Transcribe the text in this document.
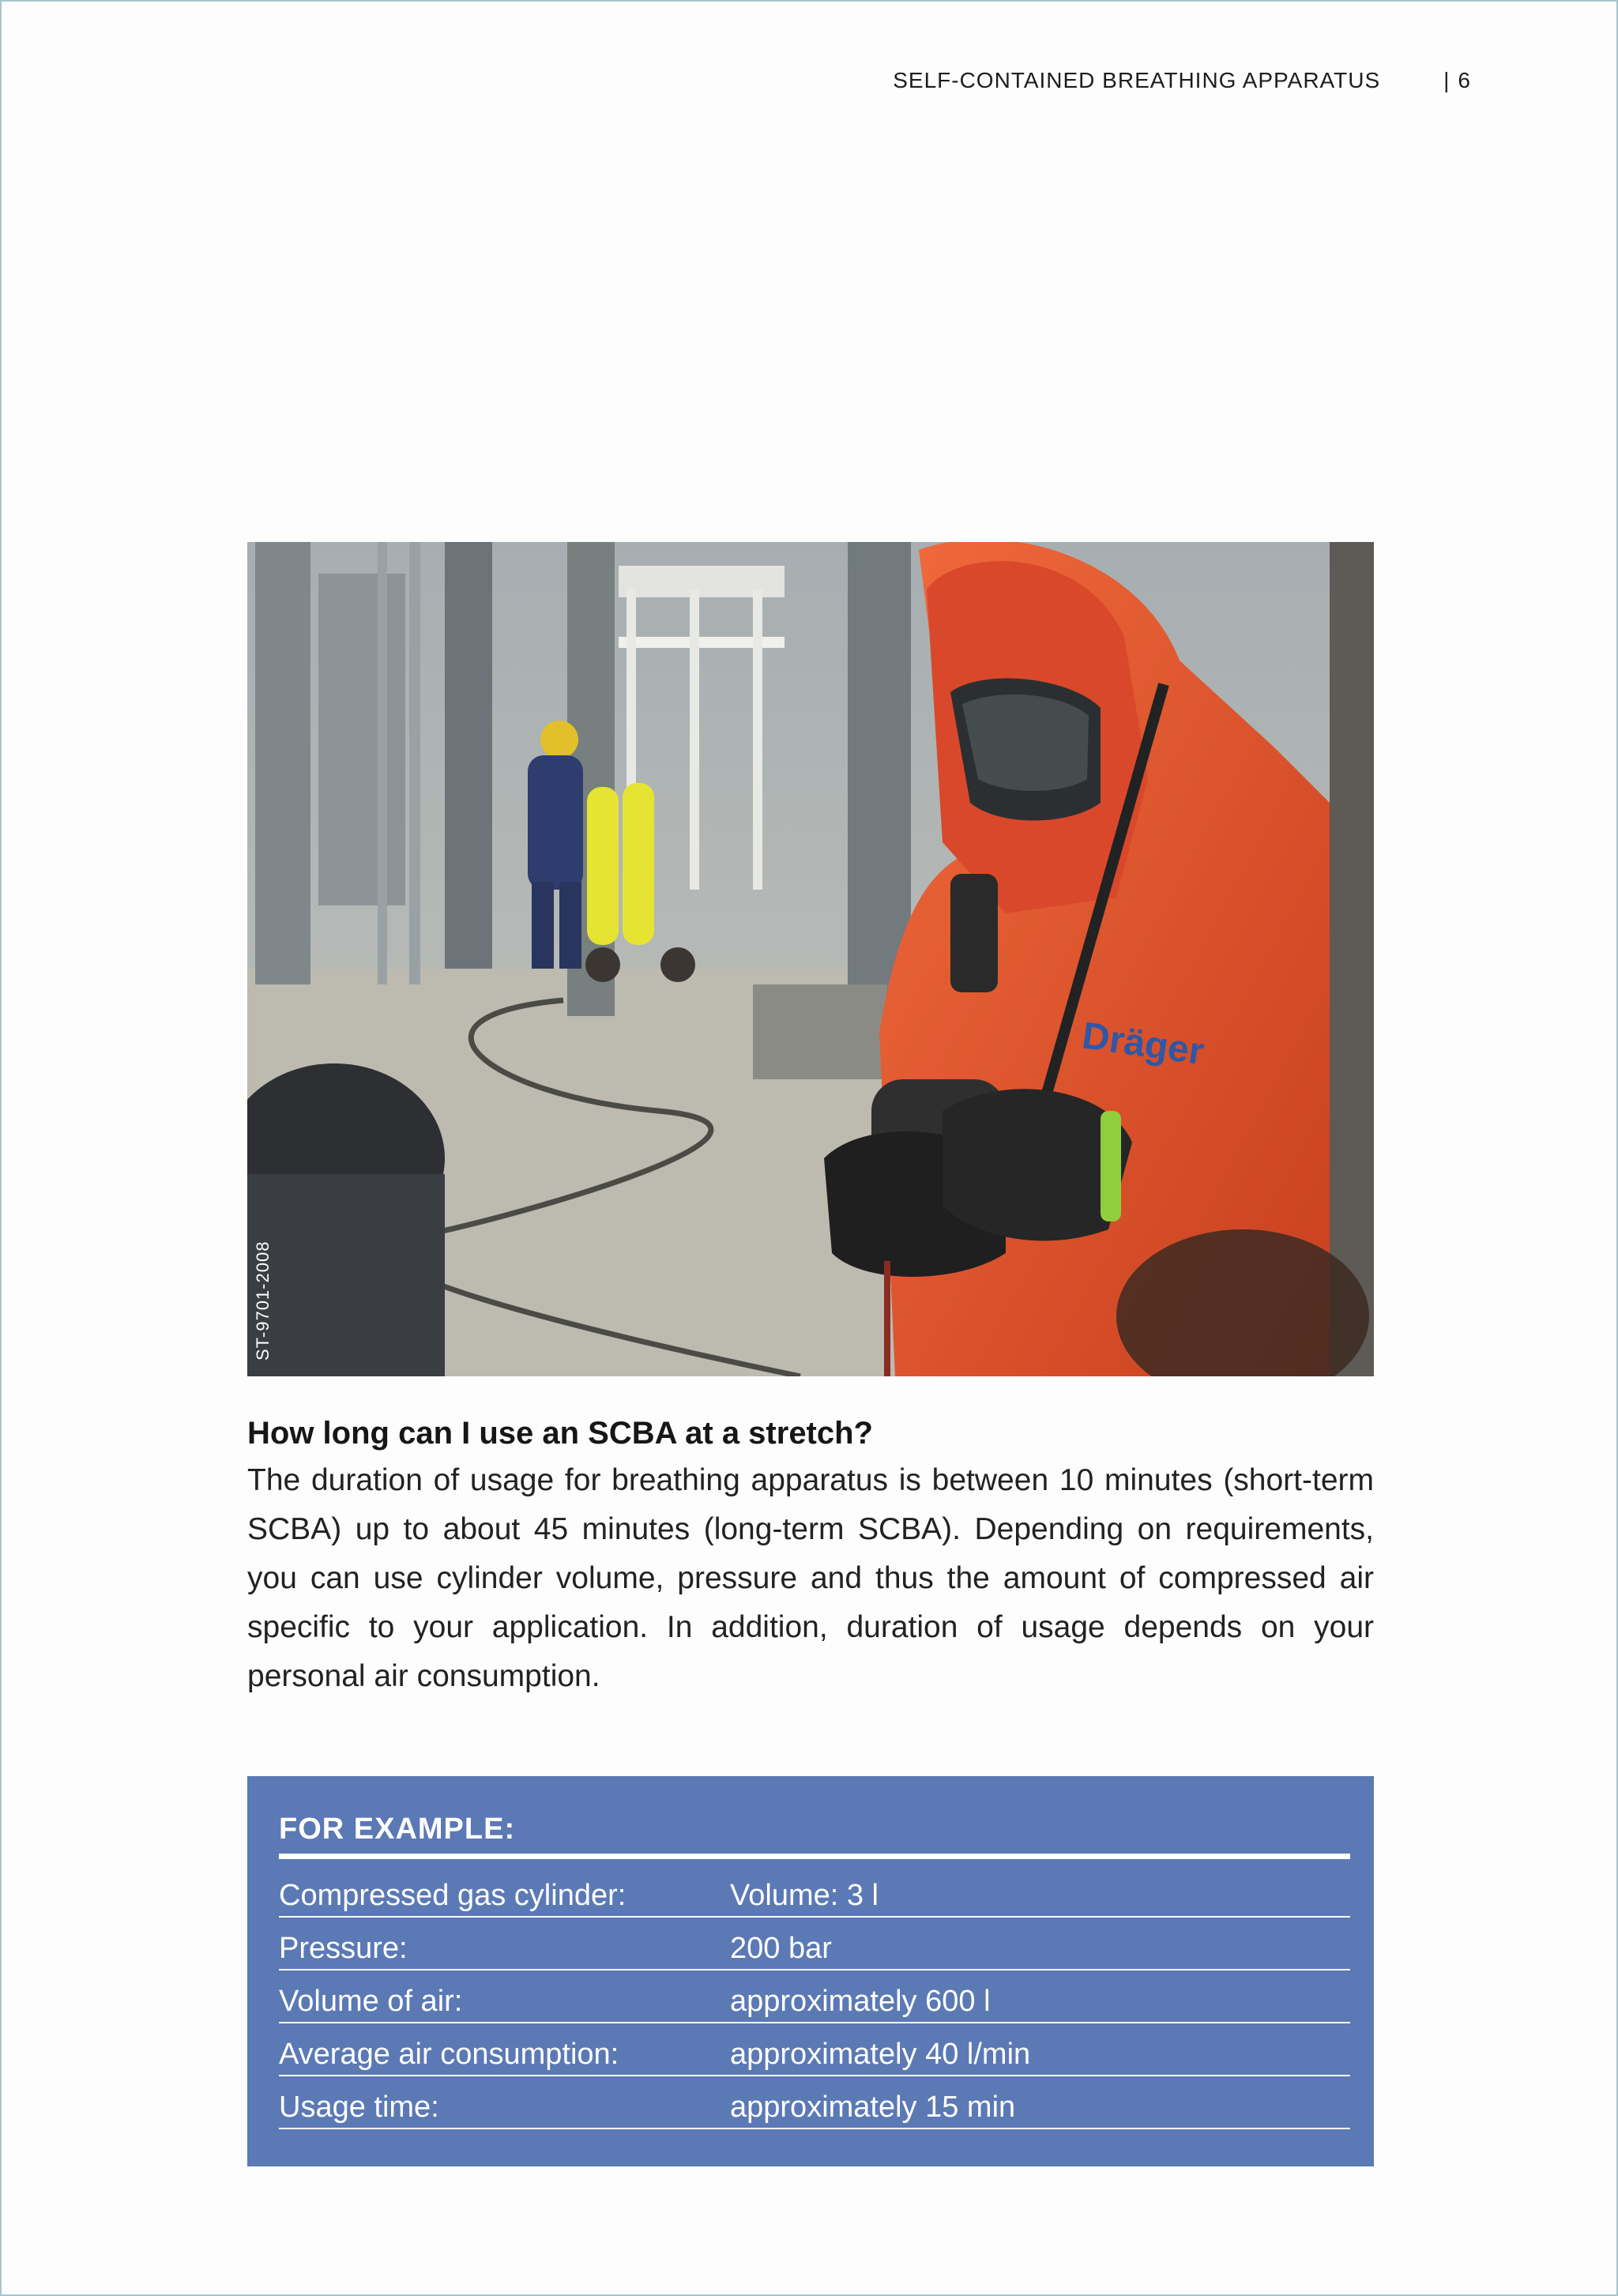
SELF-CONTAINED BREATHING APPARATUS	| 6
Dräger
ST-9701-2008

How long can I use an SCBA at a stretch?

The duration of usage for breathing apparatus is between 10 minutes (short-term SCBA) up to about 45 minutes (long-term SCBA). Depending on requirements, you can use cylinder volume, pressure and thus the amount of compressed air specific to your application. In addition, duration of usage depends on your personal air consumption.

FOR EXAMPLE:
Compressed gas cylinder:	Volume: 3 l
Pressure:	200 bar
Volume of air:	approximately 600 l
Average air consumption:	approximately 40 l/min
Usage time:	approximately 15 min
